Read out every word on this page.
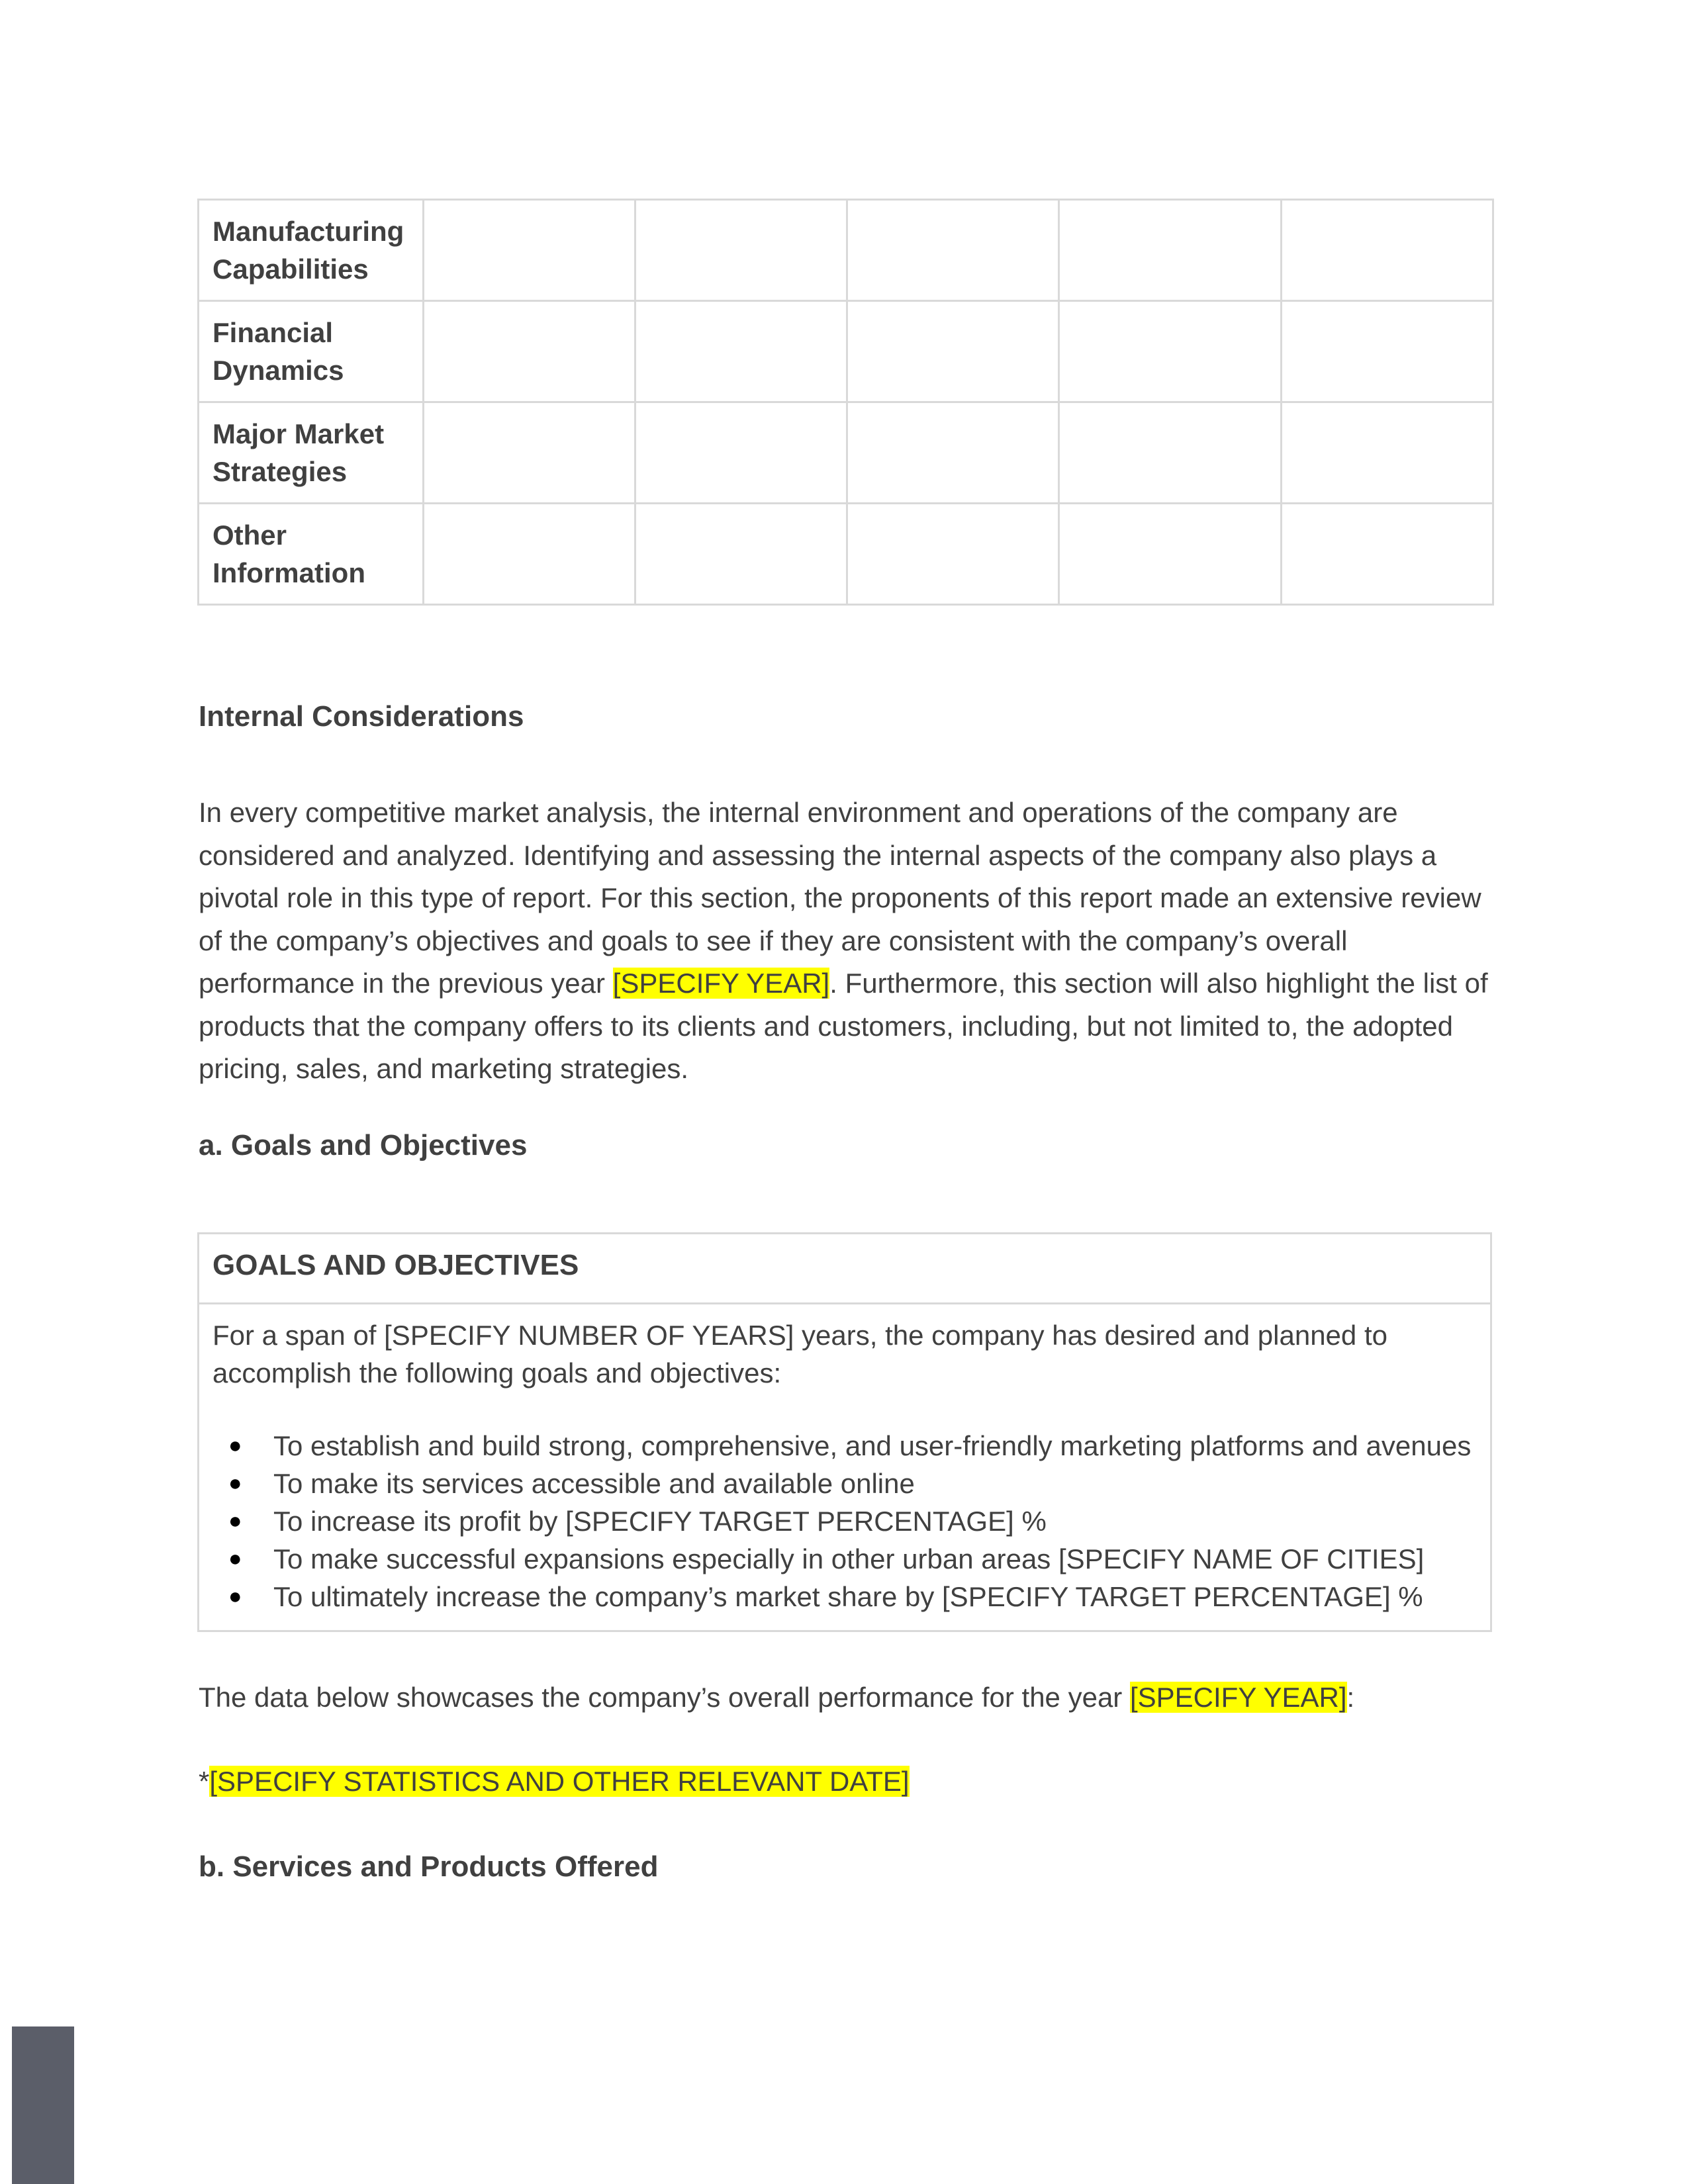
Manufacturing Capabilities					
Financial Dynamics					
Major Market Strategies					
Other Information					
Internal Considerations

In every competitive market analysis, the internal environment and operations of the company are considered and analyzed. Identifying and assessing the internal aspects of the company also plays a pivotal role in this type of report. For this section, the proponents of this report made an extensive review of the company’s objectives and goals to see if they are consistent with the company’s overall performance in the previous year [SPECIFY YEAR]. Furthermore, this section will also highlight the list of products that the company offers to its clients and customers, including, but not limited to, the adopted pricing, sales, and marketing strategies.

a. Goals and Objectives
GOALS AND OBJECTIVES
For a span of [SPECIFY NUMBER OF YEARS] years, the company has desired and planned to accomplish the following goals and objectives:
● To establish and build strong, comprehensive, and user-friendly marketing platforms and avenues
● To make its services accessible and available online
● To increase its profit by [SPECIFY TARGET PERCENTAGE] %
● To make successful expansions especially in other urban areas [SPECIFY NAME OF CITIES]
● To ultimately increase the company’s market share by [SPECIFY TARGET PERCENTAGE] %

The data below showcases the company’s overall performance for the year [SPECIFY YEAR]:

*[SPECIFY STATISTICS AND OTHER RELEVANT DATE]

b. Services and Products Offered
